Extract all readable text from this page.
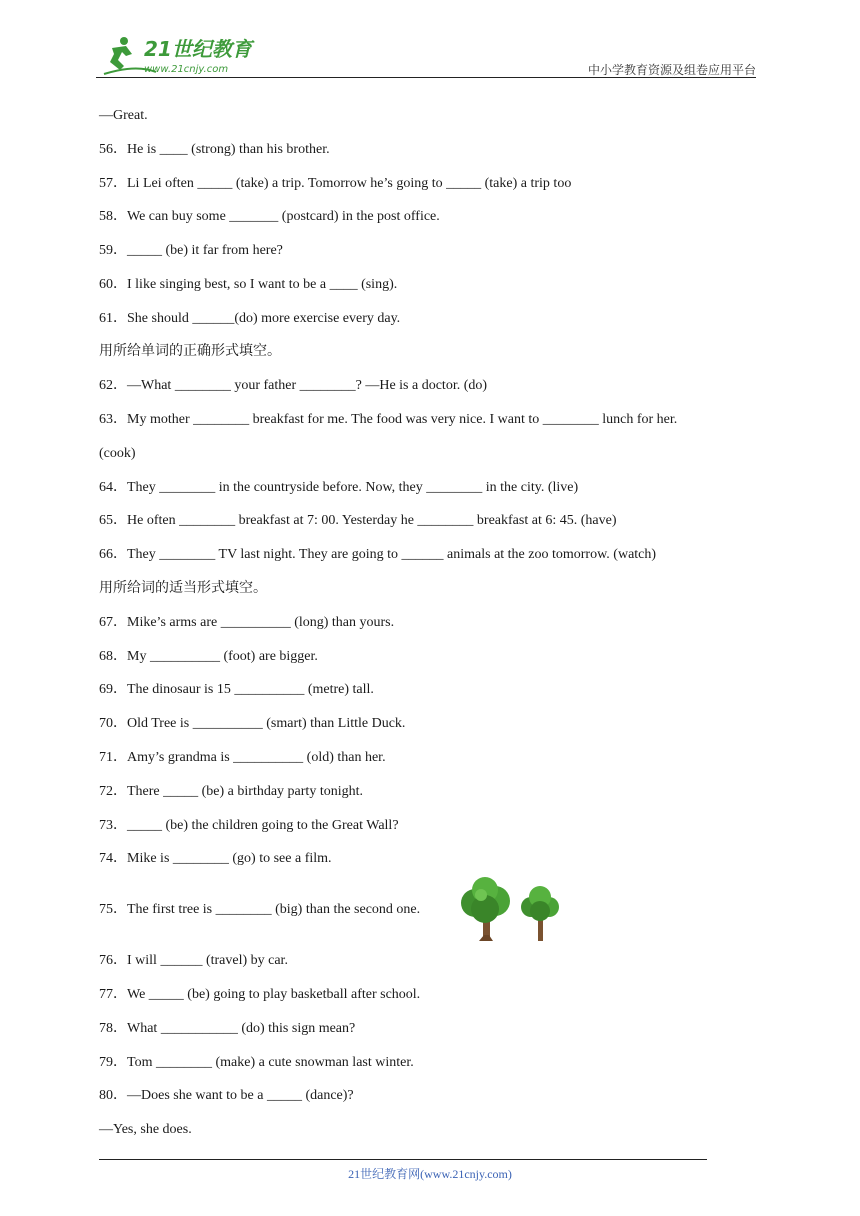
21世纪教育
www.21cnjy.com	中小学教育资源及组卷应用平台
—Great.
56．He is ____ (strong) than his brother.
57．Li Lei often _____ (take) a trip. Tomorrow he’s going to _____ (take) a trip too
58．We can buy some _______ (postcard) in the post office.
59．_____ (be) it far from here?
60．I like singing best, so I want to be a ____ (sing).
61．She should ______(do) more exercise every day.
用所给单词的正确形式填空。
62．—What ________ your father ________? —He is a doctor. (do)
63．My mother ________ breakfast for me. The food was very nice. I want to ________ lunch for her.
(cook)
64．They ________ in the countryside before. Now, they ________ in the city. (live)
65．He often ________ breakfast at 7: 00. Yesterday he ________ breakfast at 6: 45. (have)
66．They ________ TV last night. They are going to ______ animals at the zoo tomorrow. (watch)
用所给词的适当形式填空。
67．Mike’s arms are __________ (long) than yours.
68．My __________ (foot) are bigger.
69．The dinosaur is 15 __________ (metre) tall.
70．Old Tree is __________ (smart) than Little Duck.
71．Amy’s grandma is __________ (old) than her.
72．There _____ (be) a birthday party tonight.
73．_____ (be) the children going to the Great Wall?
74．Mike is ________ (go) to see a film.
75．The first tree is ________ (big) than the second one.
76．I will ______ (travel) by car.
77．We _____ (be) going to play basketball after school.
78．What ___________ (do) this sign mean?
79．Tom ________ (make) a cute snowman last winter.
80．—Does she want to be a _____ (dance)?
—Yes, she does.
21世纪教育网(www.21cnjy.com)
